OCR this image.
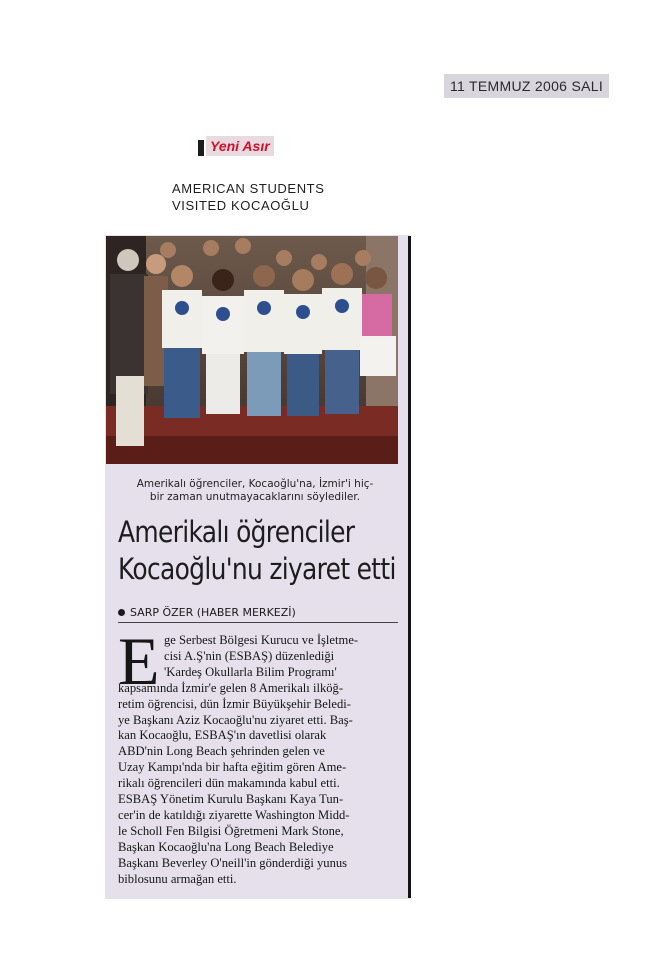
11 TEMMUZ 2006 SALI
Yeni Asır
AMERICAN STUDENTS
VISITED KOCAOĞLU
Amerikalı öğrenciler, Kocaoğlu'na, İzmir'i hiç-
bir zaman unutmayacaklarını söylediler.
Amerikalı öğrenciler
Kocaoğlu'nu ziyaret etti
SARP ÖZER (HABER MERKEZİ)
E ge Serbest Bölgesi Kurucu ve İşletme-
cisi A.Ş'nin (ESBAŞ) düzenlediği
'Kardeş Okullarla Bilim Programı'
kapsamında İzmir'e gelen 8 Amerikalı ilköğ-
retim öğrencisi, dün İzmir Büyükşehir Beledi-
ye Başkanı Aziz Kocaoğlu'nu ziyaret etti. Baş-
kan Kocaoğlu, ESBAŞ'ın davetlisi olarak
ABD'nin Long Beach şehrinden gelen ve
Uzay Kampı'nda bir hafta eğitim gören Ame-
rikalı öğrencileri dün makamında kabul etti.
ESBAŞ Yönetim Kurulu Başkanı Kaya Tun-
cer'in de katıldığı ziyarette Washington Midd-
le Scholl Fen Bilgisi Öğretmeni Mark Stone,
Başkan Kocaoğlu'na Long Beach Belediye
Başkanı Beverley O'neill'in gönderdiği yunus
biblosunu armağan etti.
